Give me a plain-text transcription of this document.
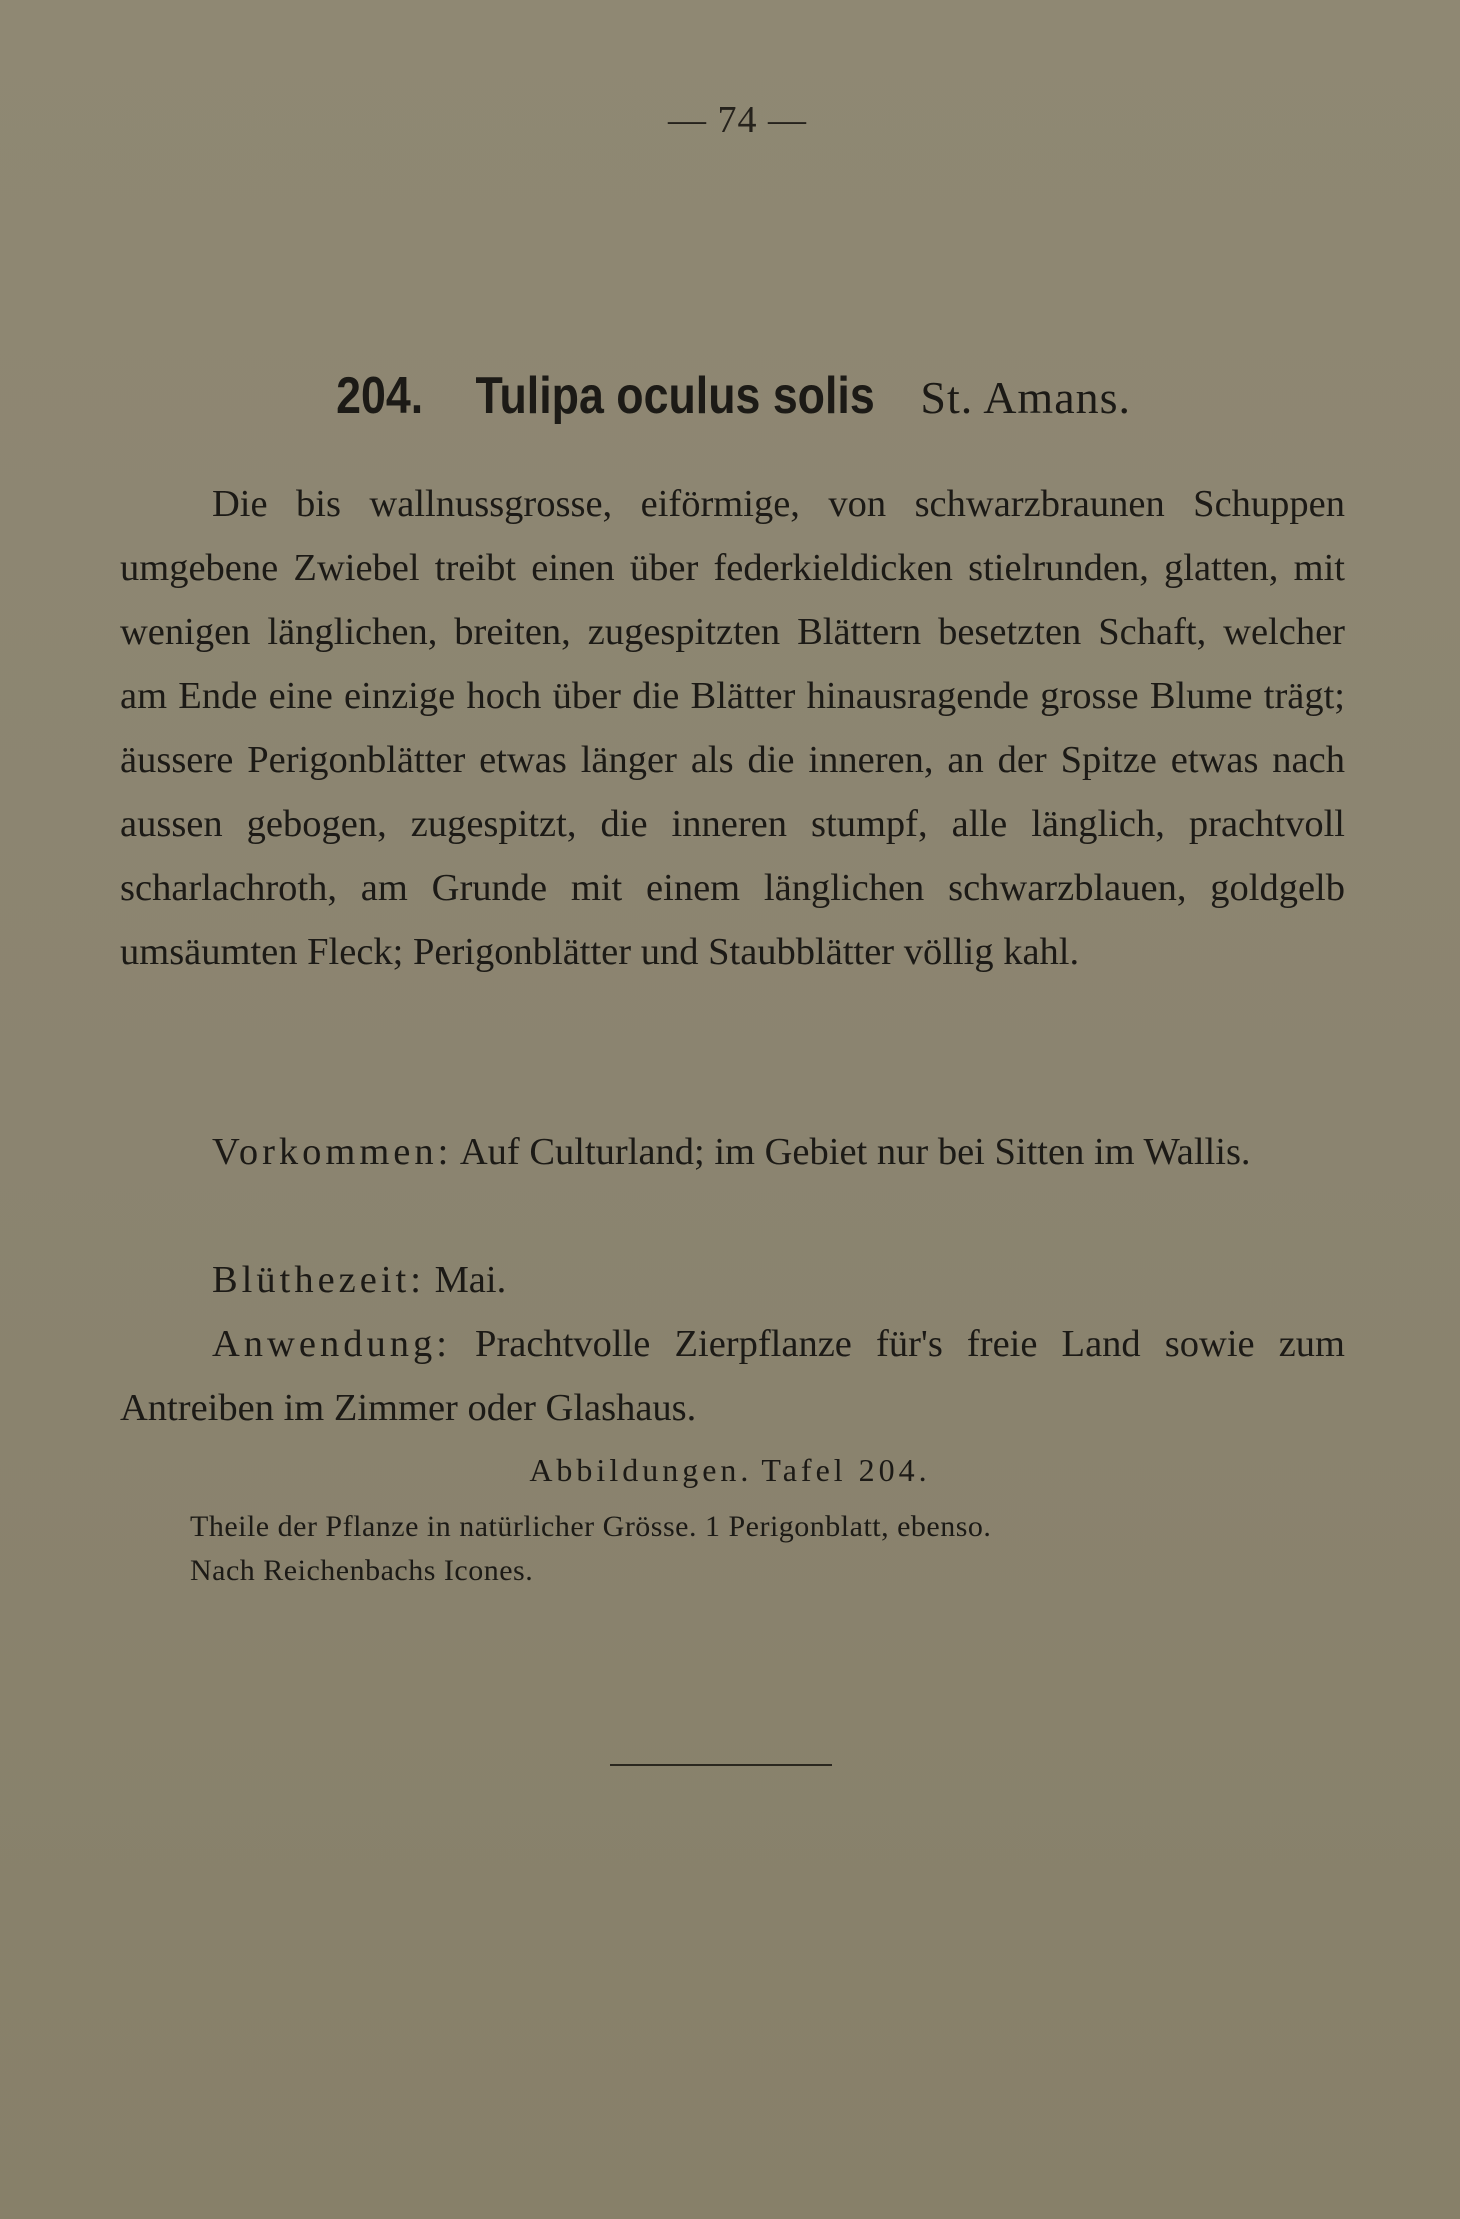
— 74 —
204. Tulipa oculus solis St. Amans.

Die bis wallnussgrosse, eiförmige, von schwarzbraunen Schuppen umgebene Zwiebel treibt einen über federkieldicken stielrunden, glatten, mit wenigen länglichen, breiten, zugespitzten Blättern besetzten Schaft, welcher am Ende eine einzige hoch über die Blätter hinausragende grosse Blume trägt; äussere Perigonblätter etwas länger als die inneren, an der Spitze etwas nach aussen gebogen, zugespitzt, die inneren stumpf, alle länglich, prachtvoll scharlachroth, am Grunde mit einem länglichen schwarzblauen, goldgelb umsäumten Fleck; Perigonblätter und Staubblätter völlig kahl.

Vorkommen: Auf Culturland; im Gebiet nur bei Sitten im Wallis.

Blüthezeit: Mai.

Anwendung: Prachtvolle Zierpflanze für's freie Land sowie zum Antreiben im Zimmer oder Glashaus.

Abbildungen. Tafel 204.
Theile der Pflanze in natürlicher Grösse. 1 Perigonblatt, ebenso.
Nach Reichenbachs Icones.
